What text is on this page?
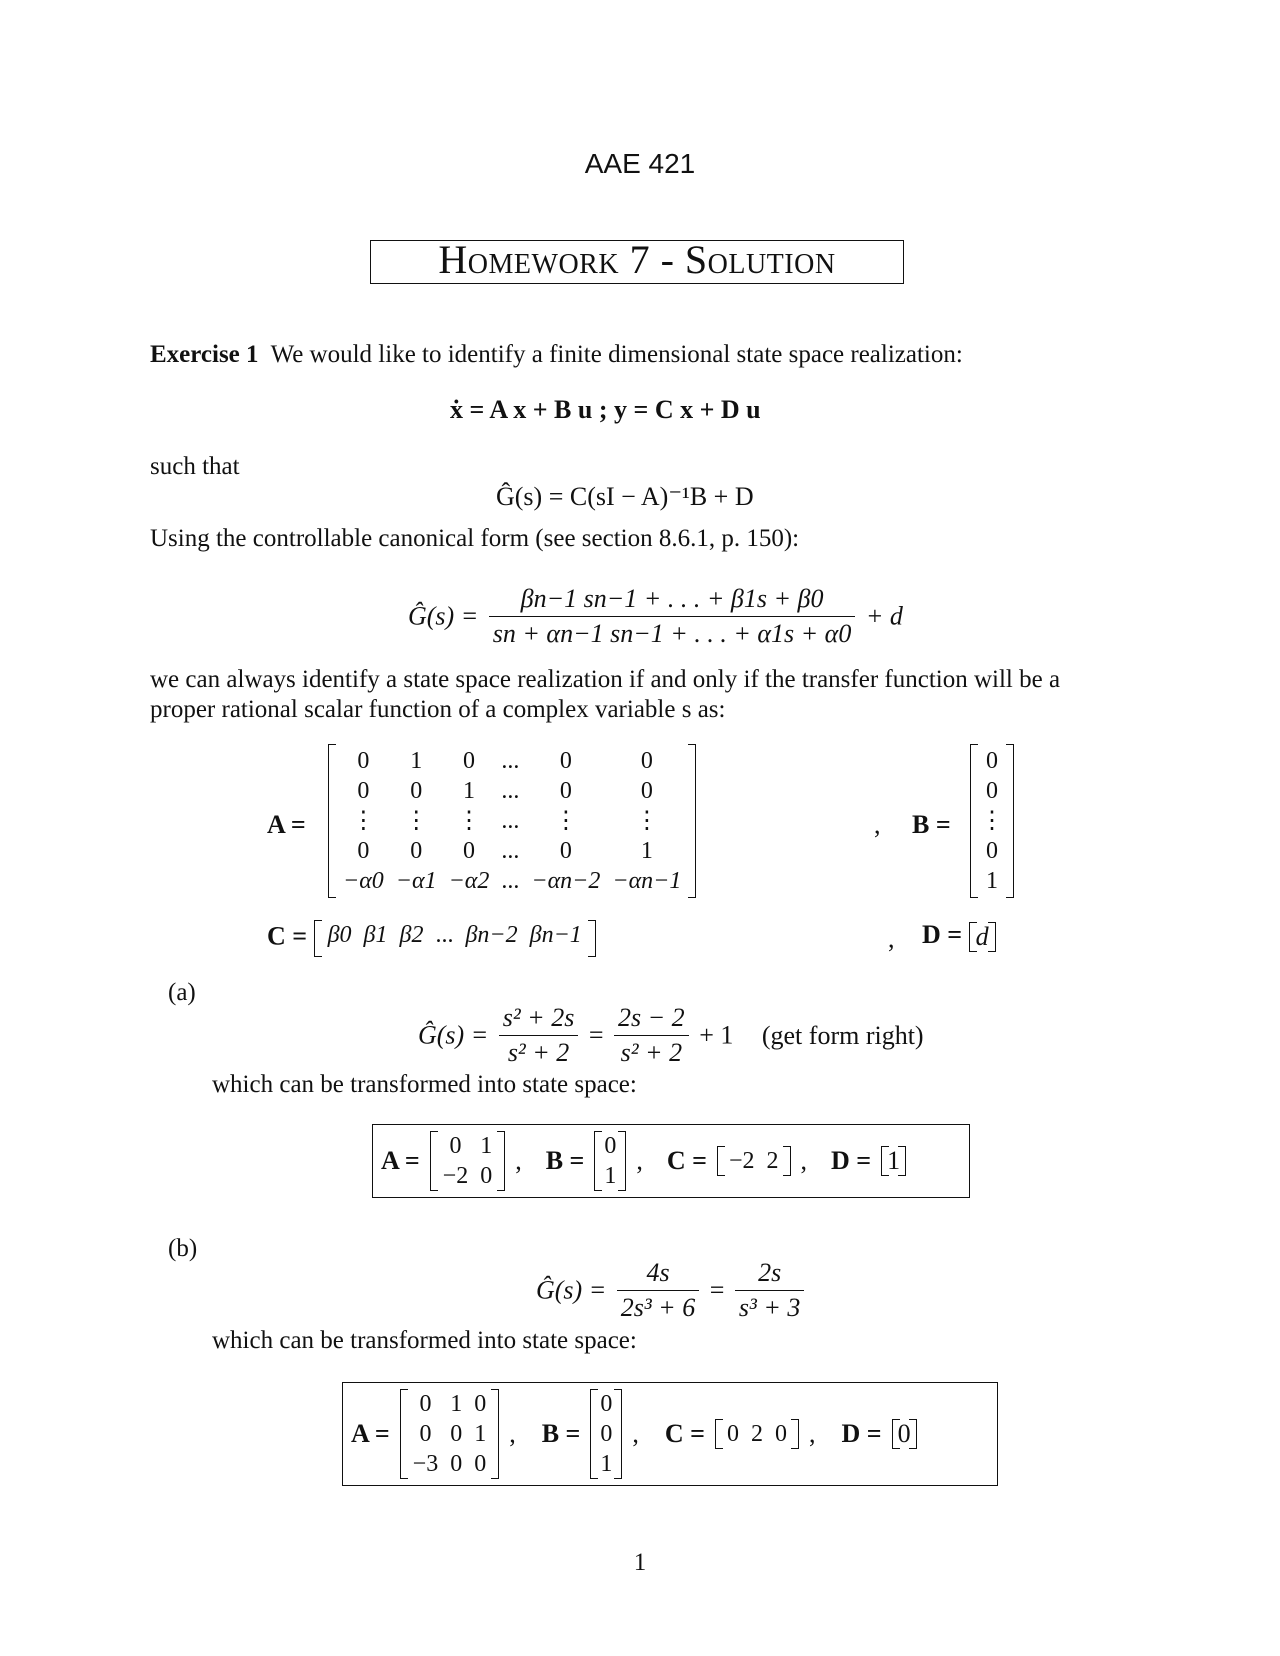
AAE 421
Homework 7 - Solution
Exercise 1 We would like to identify a finite dimensional state space realization:
ẋ = A x + B u ; y = C x + D u
such that
Ĝ(s) = C(sI − A)⁻¹B + D
Using the controllable canonical form (see section 8.6.1, p. 150):
Ĝ(s) = $\frac{\beta n-1 sn-1 + . . . + \beta 1s + \beta 0}{sn + \alpha n-1 sn-1 + . . . + \alpha 1s + \alpha 0} + d$
we can always identify a state space realization if and only if the transfer function will be a
proper rational scalar function of a complex variable s as:
A =
0	1	0	...	0	0
0	0	1	...	0	0
⋮	⋮	⋮	...	⋮	⋮
0	0	0	...	0	1
−α0	−α1	−α2	...	−αn−2	−αn−1
, B =
0
0
⋮
0
1
C = β0	β1	β2	...	βn−2	βn−1	, D = d
(a)
Ĝ(s) = $\frac{\text{s² + 2s}}{\text{s² + 2}} = \frac{2s - 2}{\text{s² + 2}} + 1$ (get form right)
which can be transformed into state space:
A = 0	1
−2	0
, B = 0
1
, C = −2	2 , D = 1
(b)
Ĝ(s) = $\frac{4s}{\text{2s³ + 6}} = \frac{2s}{\text{s³ + 3}}$
which can be transformed into state space:
A =
0	1	0
0	0	1
−3	0	0
, B =
0
0
1
, C = 0	2	0 , D = 0
1
